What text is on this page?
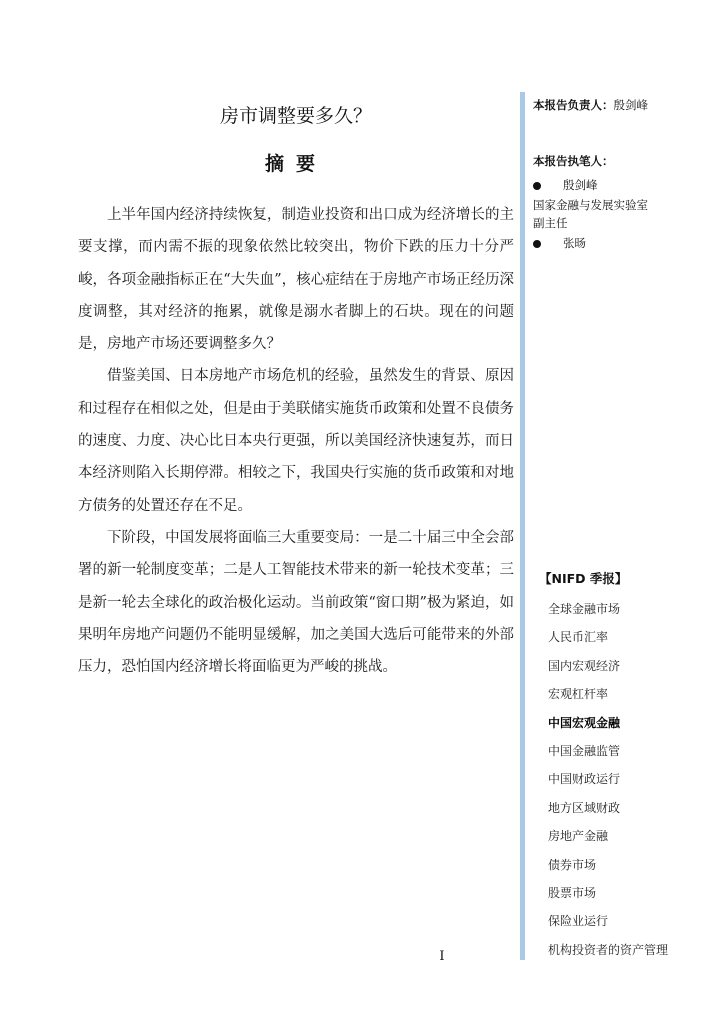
房市调整要多久？
摘要

上半年国内经济持续恢复，制造业投资和出口成为经济增长的主要支撑，而内需不振的现象依然比较突出，物价下跌的压力十分严峻，各项金融指标正在“大失血”，核心症结在于房地产市场正经历深度调整，其对经济的拖累，就像是溺水者脚上的石块。现在的问题是，房地产市场还要调整多久？

借鉴美国、日本房地产市场危机的经验，虽然发生的背景、原因和过程存在相似之处，但是由于美联储实施货币政策和处置不良债务的速度、力度、决心比日本央行更强，所以美国经济快速复苏，而日本经济则陷入长期停滞。相较之下，我国央行实施的货币政策和对地方债务的处置还存在不足。

下阶段，中国发展将面临三大重要变局：一是二十届三中全会部署的新一轮制度变革；二是人工智能技术带来的新一轮技术变革；三是新一轮去全球化的政治极化运动。当前政策“窗口期”极为紧迫，如果明年房地产问题仍不能明显缓解，加之美国大选后可能带来的外部压力，恐怕国内经济增长将面临更为严峻的挑战。

I
本报告负责人：殷剑峰
本报告执笔人：
殷剑峰
国家金融与发展实验室
副主任
张旸
【NIFD 季报】
全球金融市场
人民币汇率
国内宏观经济
宏观杠杆率
中国宏观金融
中国金融监管
中国财政运行
地方区域财政
房地产金融
债券市场
股票市场
保险业运行
机构投资者的资产管理
